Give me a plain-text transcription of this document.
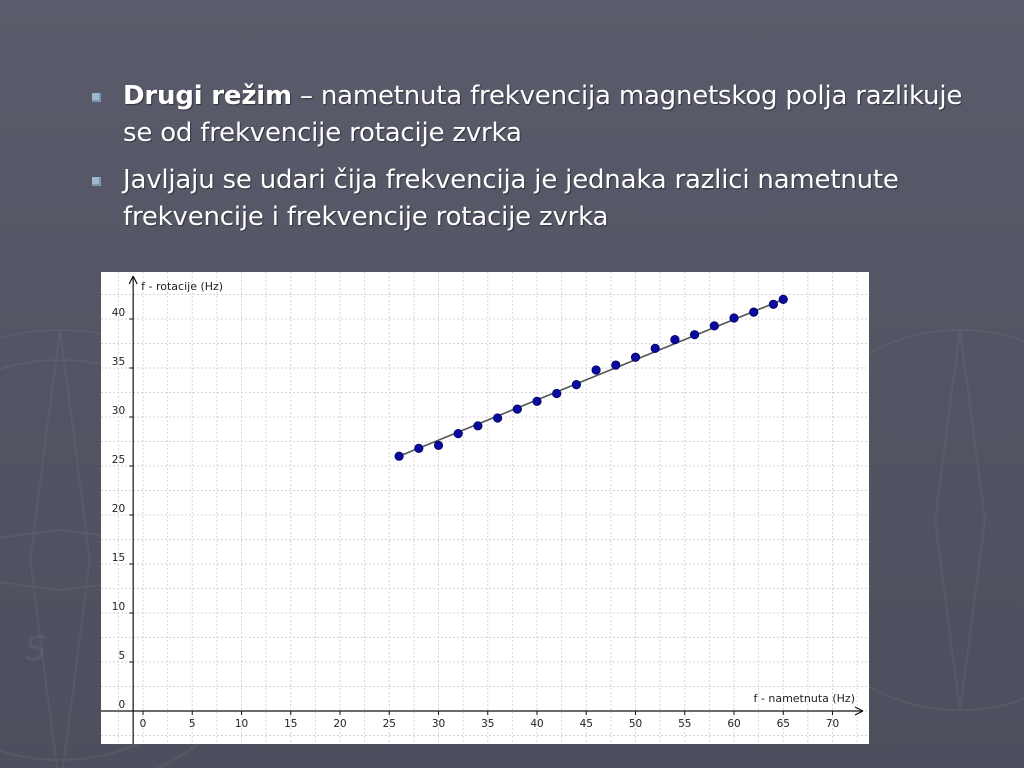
S
Drugi režim – nametnuta frekvencija magnetskog polja razlikuje se od frekvencije rotacije zvrka
Javljaju se udari čija frekvencija je jednaka razlici nametnute frekvencije i frekvencije rotacije zvrka
0	5	10	15	20	25	30	35	40	45	50	55	60	65	70
0
5
10
15
20
25
30
35
40
f - nametnuta (Hz)
f - rotacije (Hz)
